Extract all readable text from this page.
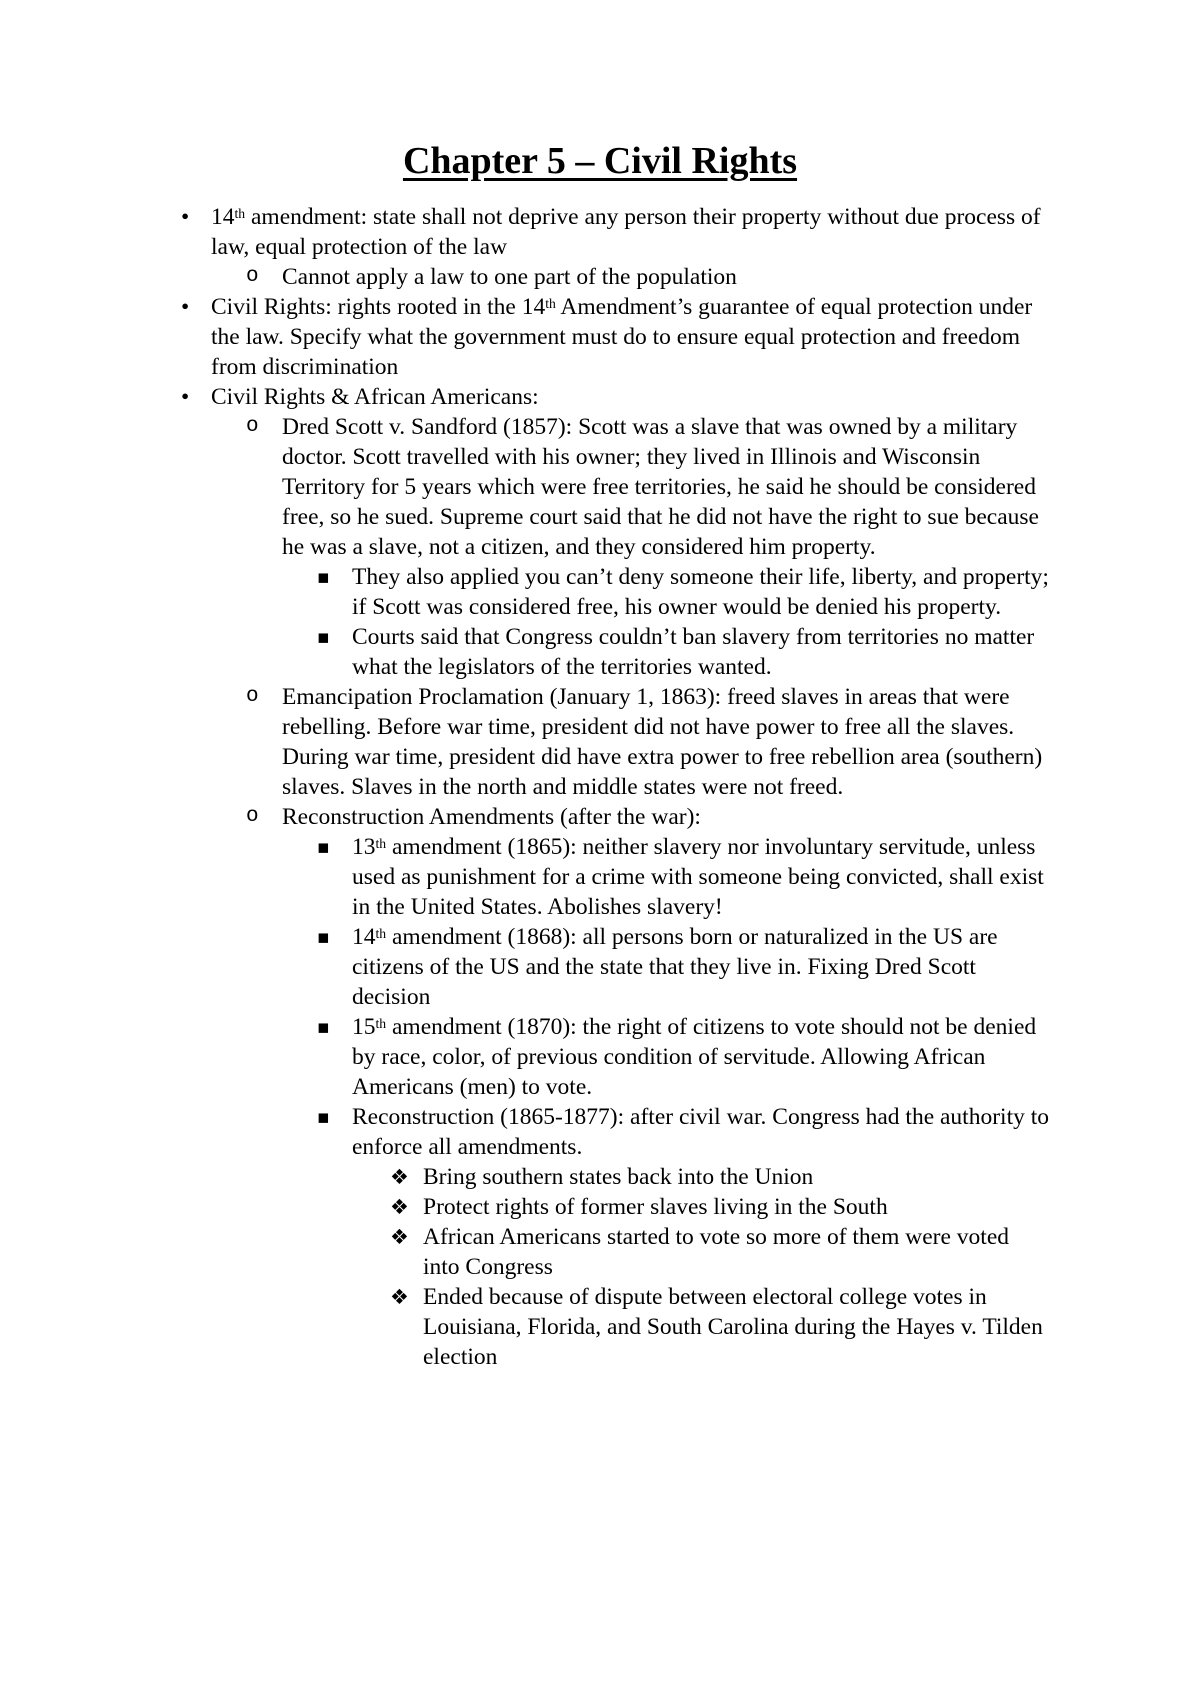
Chapter 5 – Civil Rights
• 14th amendment: state shall not deprive any person their property without due process of law, equal protection of the law

o Cannot apply a law to one part of the population

• Civil Rights: rights rooted in the 14th Amendment’s guarantee of equal protection under the law. Specify what the government must do to ensure equal protection and freedom from discrimination

• Civil Rights & African Americans:

o Dred Scott v. Sandford (1857): Scott was a slave that was owned by a military doctor. Scott travelled with his owner; they lived in Illinois and Wisconsin Territory for 5 years which were free territories, he said he should be considered free, so he sued. Supreme court said that he did not have the right to sue because he was a slave, not a citizen, and they considered him property.

▪ They also applied you can’t deny someone their life, liberty, and property; if Scott was considered free, his owner would be denied his property.

▪ Courts said that Congress couldn’t ban slavery from territories no matter what the legislators of the territories wanted.

o Emancipation Proclamation (January 1, 1863): freed slaves in areas that were rebelling. Before war time, president did not have power to free all the slaves. During war time, president did have extra power to free rebellion area (southern) slaves. Slaves in the north and middle states were not freed.

o Reconstruction Amendments (after the war):

▪ 13th amendment (1865): neither slavery nor involuntary servitude, unless used as punishment for a crime with someone being convicted, shall exist in the United States. Abolishes slavery!

▪ 14th amendment (1868): all persons born or naturalized in the US are citizens of the US and the state that they live in. Fixing Dred Scott decision

▪ 15th amendment (1870): the right of citizens to vote should not be denied by race, color, of previous condition of servitude. Allowing African Americans (men) to vote.

▪ Reconstruction (1865-1877): after civil war. Congress had the authority to enforce all amendments.

❖ Bring southern states back into the Union

❖ Protect rights of former slaves living in the South

❖ African Americans started to vote so more of them were voted into Congress

❖ Ended because of dispute between electoral college votes in Louisiana, Florida, and South Carolina during the Hayes v. Tilden election
